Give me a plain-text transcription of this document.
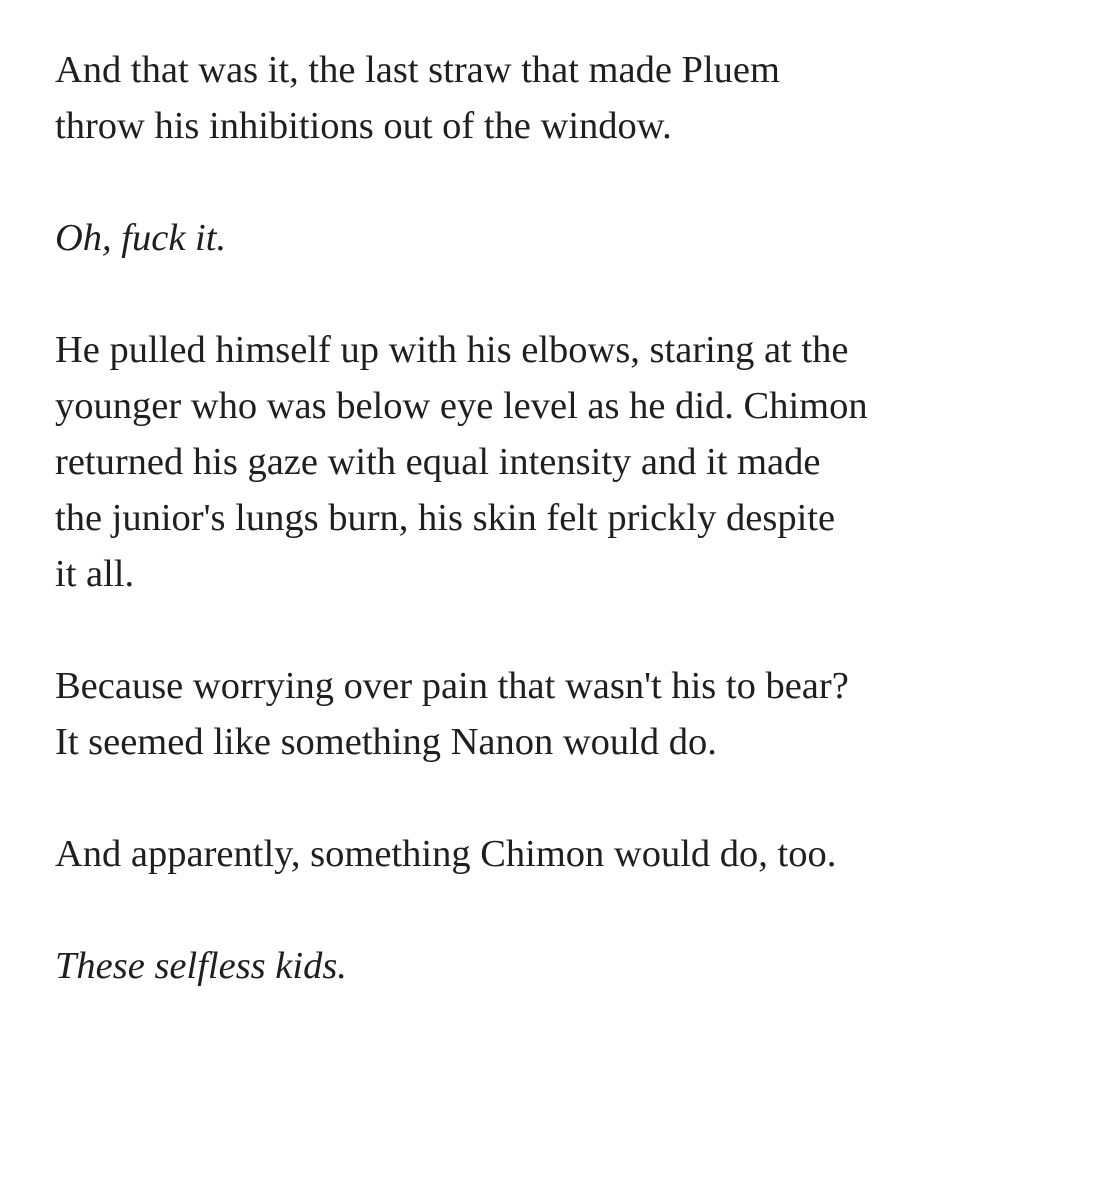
And that was it, the last straw that made Pluem
throw his inhibitions out of the window.

Oh, fuck it.

He pulled himself up with his elbows, staring at the
younger who was below eye level as he did. Chimon
returned his gaze with equal intensity and it made
the junior's lungs burn, his skin felt prickly despite
it all.

Because worrying over pain that wasn't his to bear?
It seemed like something Nanon would do.

And apparently, something Chimon would do, too.

These selfless kids.
